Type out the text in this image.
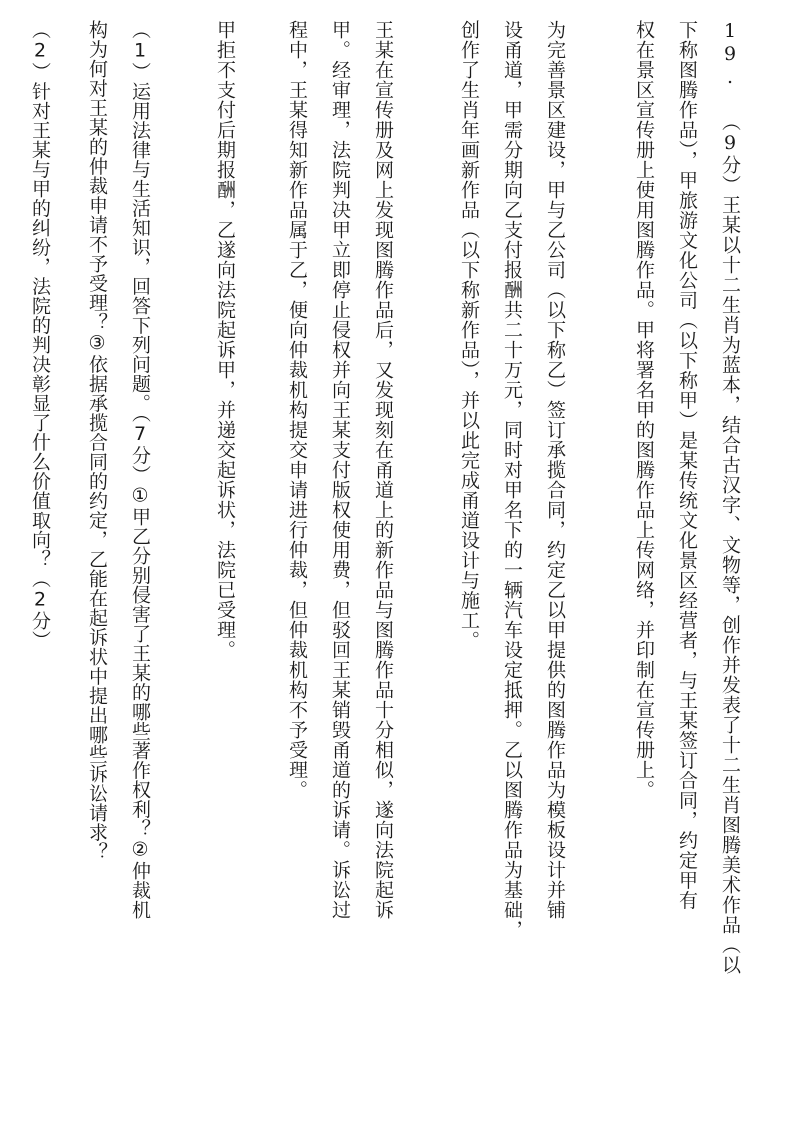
19. （9分）王某以十二生肖为蓝本，结合古汉字、文物等，创作并发表了十二生肖图腾美术作品（以
下称图腾作品），甲旅游文化公司（以下称甲）是某传统文化景区经营者，与王某签订合同，约定甲有
权在景区宣传册上使用图腾作品。甲将署名甲的图腾作品上传网络，并印制在宣传册上。
为完善景区建设，甲与乙公司（以下称乙）签订承揽合同，约定乙以甲提供的图腾作品为模板设计并铺
设甬道，甲需分期向乙支付报酬共二十万元，同时对甲名下的一辆汽车设定抵押。乙以图腾作品为基础，
创作了生肖年画新作品（以下称新作品），并以此完成甬道设计与施工。
王某在宣传册及网上发现图腾作品后，又发现刻在甬道上的新作品与图腾作品十分相似，遂向法院起诉
甲。经审理，法院判决甲立即停止侵权并向王某支付版权使用费，但驳回王某销毁甬道的诉请。诉讼过
程中，王某得知新作品属于乙，便向仲裁机构提交申请进行仲裁，但仲裁机构不予受理。
甲拒不支付后期报酬，乙遂向法院起诉甲，并递交起诉状，法院已受理。
（1）运用法律与生活知识，回答下列问题。（7分）①甲乙分别侵害了王某的哪些著作权利？②仲裁机
构为何对王某的仲裁申请不予受理？③依据承揽合同的约定，乙能在起诉状中提出哪些诉讼请求？
（2）针对王某与甲的纠纷，法院的判决彰显了什么价值取向？（2分）
